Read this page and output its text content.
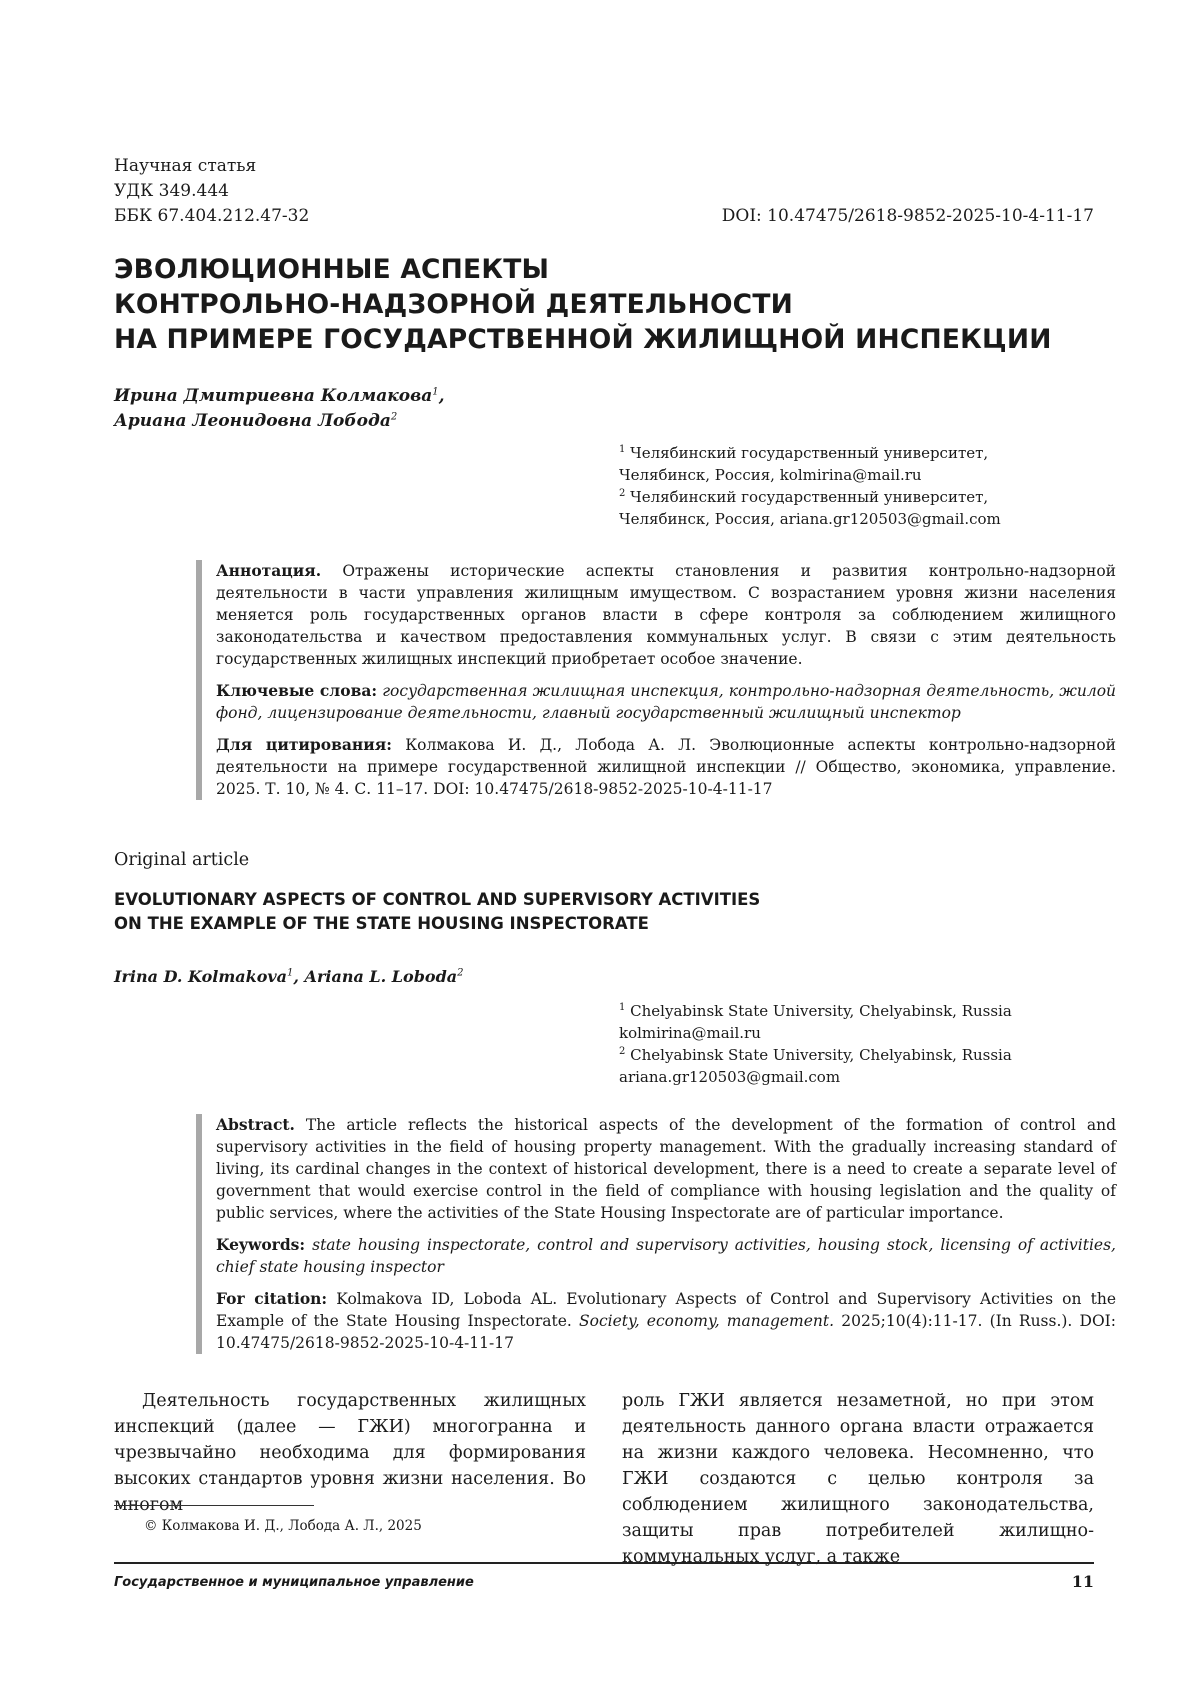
Научная статья
УДК 349.444
ББК 67.404.212.47-32	DOI: 10.47475/2618-9852-2025-10-4-11-17
ЭВОЛЮЦИОННЫЕ АСПЕКТЫ
КОНТРОЛЬНО-НАДЗОРНОЙ ДЕЯТЕЛЬНОСТИ
НА ПРИМЕРЕ ГОСУДАРСТВЕННОЙ ЖИЛИЩНОЙ ИНСПЕКЦИИ
Ирина Дмитриевна Колмакова$^1$,
Ариана Леонидовна Лобода$^2$
$^1$ Челябинский государственный университет,
Челябинск, Россия, kolmirina@mail.ru
$^2$ Челябинский государственный университет,
Челябинск, Россия, ariana.gr120503@gmail.com

Аннотация. Отражены исторические аспекты становления и развития контрольно-надзорной деятельности в части управления жилищным имуществом. С возрастанием уровня жизни населения меняется роль государственных органов власти в сфере контроля за соблюдением жилищного законодательства и качеством предоставления коммунальных услуг. В связи с этим деятельность государственных жилищных инспекций приобретает особое значение.

Ключевые слова: государственная жилищная инспекция, контрольно-надзорная деятельность, жилой фонд, лицензирование деятельности, главный государственный жилищный инспектор

Для цитирования: Колмакова И. Д., Лобода А. Л. Эволюционные аспекты контрольно-надзорной деятельности на примере государственной жилищной инспекции // Общество, экономика, управление. 2025. Т. 10, № 4. С. 11–17. DOI: 10.47475/2618-9852-2025-10-4-11-17

Original article
EVOLUTIONARY ASPECTS OF CONTROL AND SUPERVISORY ACTIVITIES
ON THE EXAMPLE OF THE STATE HOUSING INSPECTORATE
Irina D. Kolmakova$^1$, Ariana L. Loboda$^2$
$^1$ Chelyabinsk State University, Chelyabinsk, Russia
kolmirina@mail.ru
$^2$ Chelyabinsk State University, Chelyabinsk, Russia
ariana.gr120503@gmail.com

Abstract. The article reflects the historical aspects of the development of the formation of control and supervisory activities in the field of housing property management. With the gradually increasing standard of living, its cardinal changes in the context of historical development, there is a need to create a separate level of government that would exercise control in the field of compliance with housing legislation and the quality of public services, where the activities of the State Housing Inspectorate are of particular importance.

Keywords: state housing inspectorate, control and supervisory activities, housing stock, licensing of activities, chief state housing inspector

For citation: Kolmakova ID, Loboda AL. Evolutionary Aspects of Control and Supervisory Activities on the Example of the State Housing Inspectorate. Society, economy, management. 2025;10(4):11-17. (In Russ.). DOI: 10.47475/2618-9852-2025-10-4-11-17

Деятельность государственных жилищных инспекций (далее — ГЖИ) многогранна и чрезвычайно необходима для формирования высоких стандартов уровня жизни населения. Во многом

роль ГЖИ является незаметной, но при этом деятельность данного органа власти отражается на жизни каждого человека. Несомненно, что ГЖИ создаются с целью контроля за соблюдением жилищного законодательства, защиты прав потребителей жилищно-коммунальных услуг, а также

© Колмакова И. Д., Лобода А. Л., 2025
Государственное и муниципальное управление	11
